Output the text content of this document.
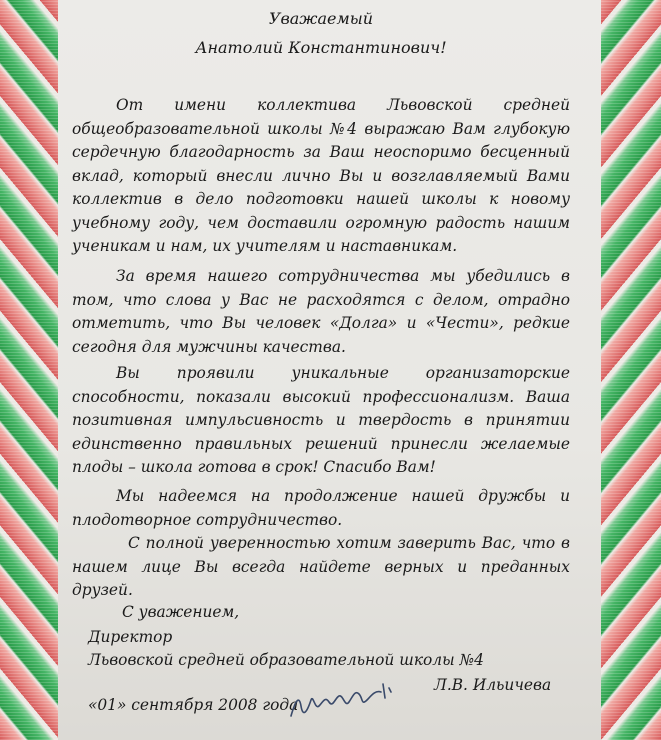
Уважаемый
Анатолий Константинович!
От имени коллектива Львовской средней общеобразовательной школы №4 выражаю Вам глубокую сердечную благодарность за Ваш неоспоримо бесценный вклад, который внесли лично Вы и возглавляемый Вами коллектив в дело подготовки нашей школы к новому учебному году, чем доставили огромную радость нашим ученикам и нам, их учителям и наставникам.
За время нашего сотрудничества мы убедились в том, что слова у Вас не расходятся с делом, отрадно отметить, что Вы человек «Долга» и «Чести», редкие сегодня для мужчины качества.
Вы проявили уникальные организаторские способности, показали высокий профессионализм. Ваша позитивная импульсивность и твердость в принятии единственно правильных решений принесли желаемые плоды – школа готова в срок! Спасибо Вам!
Мы надеемся на продолжение нашей дружбы и плодотворное сотрудничество.
С полной уверенностью хотим заверить Вас, что в нашем лице Вы всегда найдете верных и преданных друзей.
С уважением,
Директор
Львовской средней образовательной школы №4
Л.В. Ильичева
«01» сентября 2008 года
